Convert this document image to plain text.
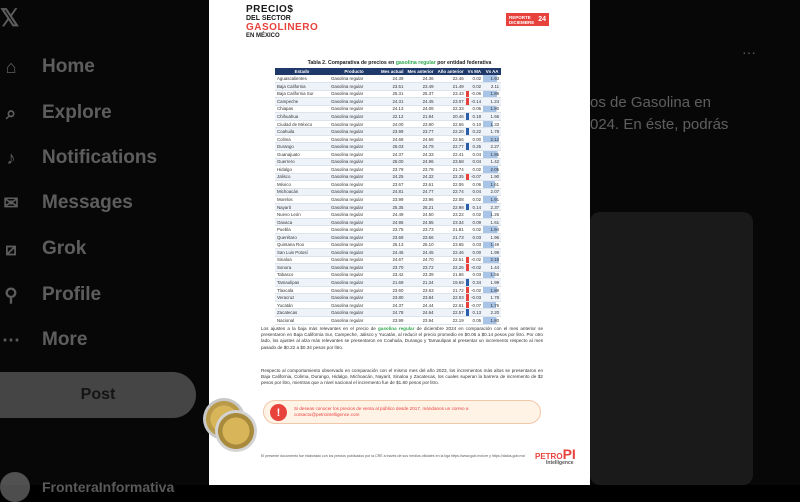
𝕏
⌂ Home
⌕	Explore
♪	Notifications
✉ Messages
⧄ Grok
⚲ Profile
⋯ More
Post
FronteraInformativa
···
os de Gasolina en
024. En éste, podrás
PRECIO$
DEL SECTOR
GASOLINERO
EN MÉXICO
REPORTE
DICIEMBRE 24
Tabla 2. Comparativa de precios en gasolina regular por entidad federativa
Estado	Producto	Mes actual	Mes anterior	Año anterior	Vs MA	Vs AA
Aguascalientes	Gasolina regular	24.39	24.36	22.46	0.02	1.93
Baja California	Gasolina regular	23.51	23.49	21.49	0.02	2.11
Baja California Sur	Gasolina regular	25.31	25.37	23.43	-0.06	1.88
Campeche	Gasolina regular	24.31	24.45	23.07	-0.14	1.24
Chiapas	Gasolina regular	24.13	24.08	22.33	0.06	1.80
Chihuahua	Gasolina regular	22.12	21.94	20.46	0.18	1.66
Ciudad de México	Gasolina regular	24.00	23.90	22.66	0.10	1.33
Coahuila	Gasolina regular	23.99	23.77	22.20	0.22	1.78
Colima	Gasolina regular	24.68	24.68	22.56	0.00	2.12
Durango	Gasolina regular	25.03	24.79	22.77	0.25	2.27
Guanajuato	Gasolina regular	24.37	24.33	22.41	0.04	1.95
Guerrero	Gasolina regular	25.00	24.96	23.58	0.04	1.42
Hidalgo	Gasolina regular	23.79	23.78	21.74	0.02	2.05
Jalisco	Gasolina regular	24.25	24.32	22.35	-0.07	1.90
México	Gasolina regular	23.67	23.61	22.06	0.06	1.61
Michoacán	Gasolina regular	24.81	24.77	22.74	0.04	2.07
Morelos	Gasolina regular	23.99	23.96	22.08	0.02	1.91
Nayarit	Gasolina regular	25.35	25.21	22.98	0.14	2.37
Nuevo León	Gasolina regular	24.49	24.50	23.22	0.02	1.26
Oaxaca	Gasolina regular	24.95	24.85	23.34	0.09	1.61
Puebla	Gasolina regular	23.75	23.73	21.81	0.02	1.94
Querétaro	Gasolina regular	23.69	23.66	21.73	0.03	1.96
Quintana Roo	Gasolina regular	25.13	25.10	23.65	0.03	1.49
San Luis Potosí	Gasolina regular	24.45	24.45	22.46	0.00	1.99
Sinaloa	Gasolina regular	24.67	24.70	22.51	-0.02	2.16
Sonora	Gasolina regular	23.70	23.72	22.26	-0.02	1.44
Tabasco	Gasolina regular	23.42	23.39	21.86	0.03	1.56
Tamaulipas	Gasolina regular	21.69	21.34	19.69	0.34	1.99
Tlaxcala	Gasolina regular	23.60	23.63	21.72	-0.02	1.88
Veracruz	Gasolina regular	23.80	23.84	22.03	-0.03	1.78
Yucatán	Gasolina regular	24.37	24.44	22.61	-0.07	1.76
Zacatecas	Gasolina regular	24.78	24.64	22.57	0.13	2.20
Nacional	Gasolina regular	23.99	23.94	22.19	0.05	1.80
Los ajustes a la baja más relevantes en el precio de gasolina regular de diciembre 2024 en comparación con el mes anterior se presentaron en Baja California Sur, Campeche, Jalisco y Yucatán, al reducir el precio promedio en $0.06 a $0.14 pesos por litro. Por otro lado, los ajustes al alza más relevantes se presentaron en Coahuila, Durango y Tamaulipas al presentar un incremento respecto al mes pasado de $0.22 a $0.34 pesos por litro.
Respecto al comportamiento observado en comparación con el mismo mes del año 2023, los incrementos más altos se presentaron en Baja California, Colima, Durango, Hidalgo, Michoacán, Nayarit, Sinaloa y Zacatecas, los cuales superan la barrera de incremento de $2 pesos por litro, mientras que a nivel nacional el incremento fue de $1.80 pesos por litro.
!	Si deseas conocer los precios de venta al público desde 2017, mándanos un correo a contacto@petrointelligence.com
El presente documento fue elaborado con los precios publicados por la CRE a través de sus medios oficiales en la liga https://www.gob.mx/cre y https://datos.gob.mx/	PETROPI
Intelligence
